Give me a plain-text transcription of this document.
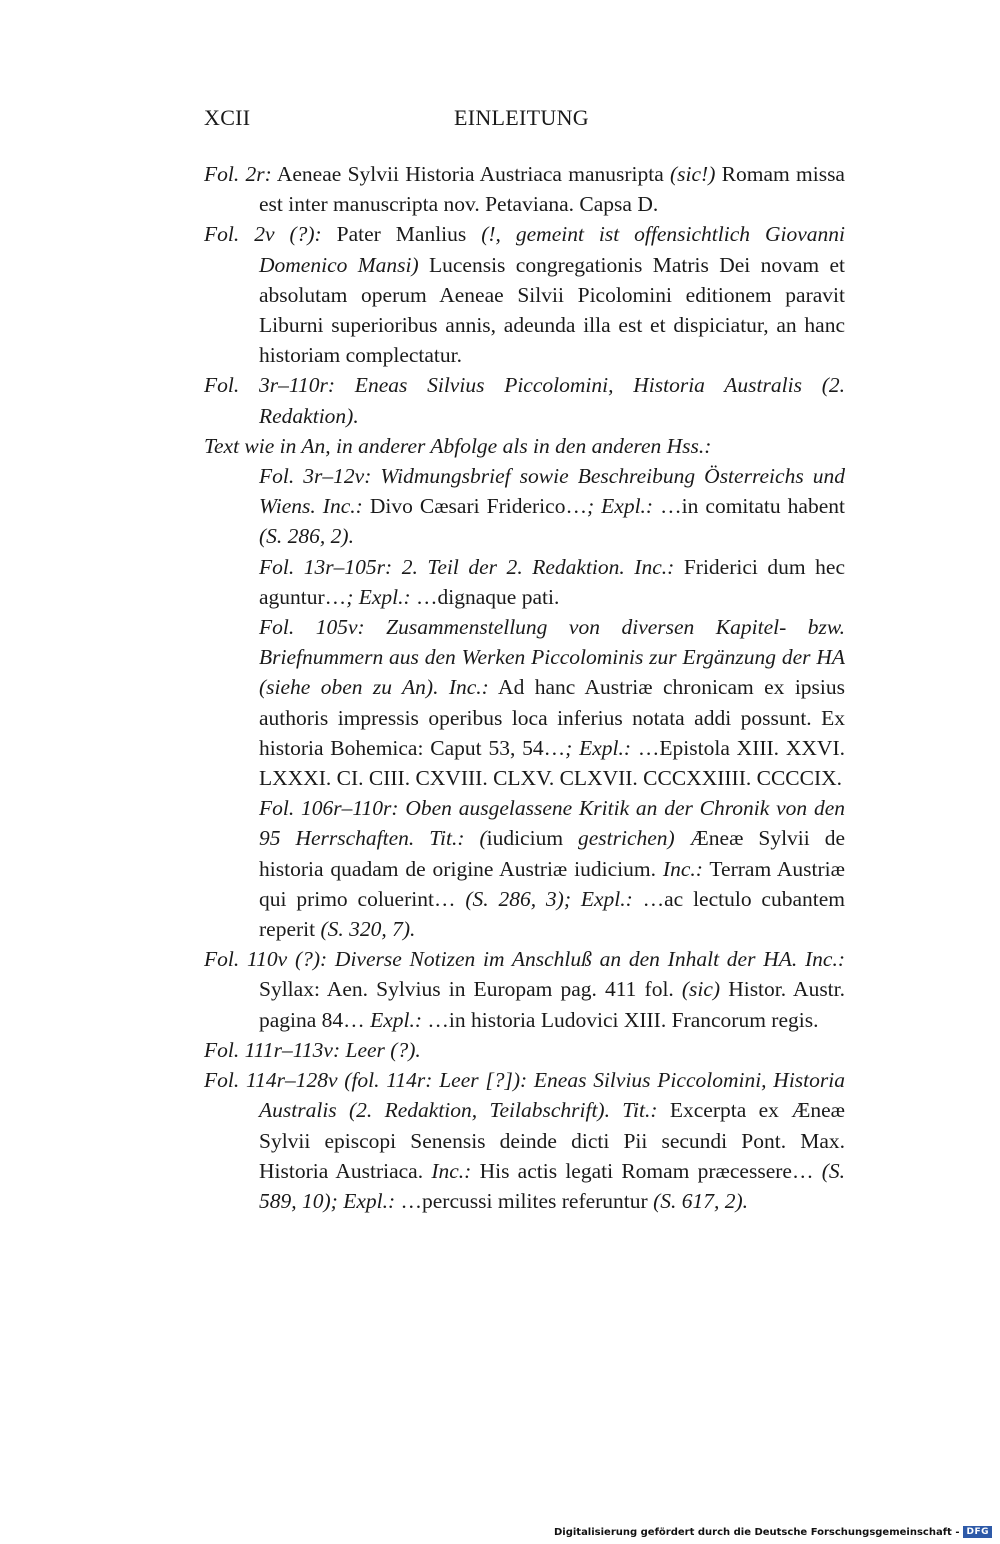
XCII	EINLEITUNG

Fol. 2r: Aeneae Sylvii Historia Austriaca manusripta (sic!) Romam missa est inter manuscripta nov. Petaviana. Capsa D.

Fol. 2v (?): Pater Manlius (!, gemeint ist offensichtlich Giovanni Domenico Mansi) Lucensis congregationis Matris Dei novam et absolutam operum Aeneae Silvii Picolomini editionem paravit Liburni superioribus annis, adeunda illa est et dispiciatur, an hanc historiam complectatur.

Fol. 3r–110r: Eneas Silvius Piccolomini, Historia Australis (2. Redaktion).

Text wie in An, in anderer Abfolge als in den anderen Hss.:

Fol. 3r–12v: Widmungsbrief sowie Beschreibung Österreichs und Wiens. Inc.: Divo Cæsari Friderico…; Expl.: …in comitatu habent (S. 286, 2).

Fol. 13r–105r: 2. Teil der 2. Redaktion. Inc.: Friderici dum hec aguntur…; Expl.: …dignaque pati.

Fol. 105v: Zusammenstellung von diversen Kapitel- bzw. Briefnummern aus den Werken Piccolominis zur Ergänzung der HA (siehe oben zu An). Inc.: Ad hanc Austriæ chronicam ex ipsius authoris impressis operibus loca inferius notata addi possunt. Ex historia Bohemica: Caput 53, 54…; Expl.: …Epistola XIII. XXVI. LXXXI. CI. CIII. CXVIII. CLXV. CLXVII. CCCXXIIII. CCCCIX.

Fol. 106r–110r: Oben ausgelassene Kritik an der Chronik von den 95 Herrschaften. Tit.: (iudicium gestrichen) Æneæ Sylvii de historia quadam de origine Austriæ iudicium. Inc.: Terram Austriæ qui primo coluerint… (S. 286, 3); Expl.: …ac lectulo cubantem reperit (S. 320, 7).

Fol. 110v (?): Diverse Notizen im Anschluß an den Inhalt der HA. Inc.: Syllax: Aen. Sylvius in Europam pag. 411 fol. (sic) Histor. Austr. pagina 84… Expl.: …in historia Ludovici XIII. Francorum regis.

Fol. 111r–113v: Leer (?).

Fol. 114r–128v (fol. 114r: Leer [?]): Eneas Silvius Piccolomini, Historia Australis (2. Redaktion, Teilabschrift). Tit.: Excerpta ex Æneæ Sylvii episcopi Senensis deinde dicti Pii secundi Pont. Max. Historia Austriaca. Inc.: His actis legati Romam præcessere… (S. 589, 10); Expl.: …percussi milites referuntur (S. 617, 2).

Digitalisierung gefördert durch die Deutsche Forschungsgemeinschaft - DFG
